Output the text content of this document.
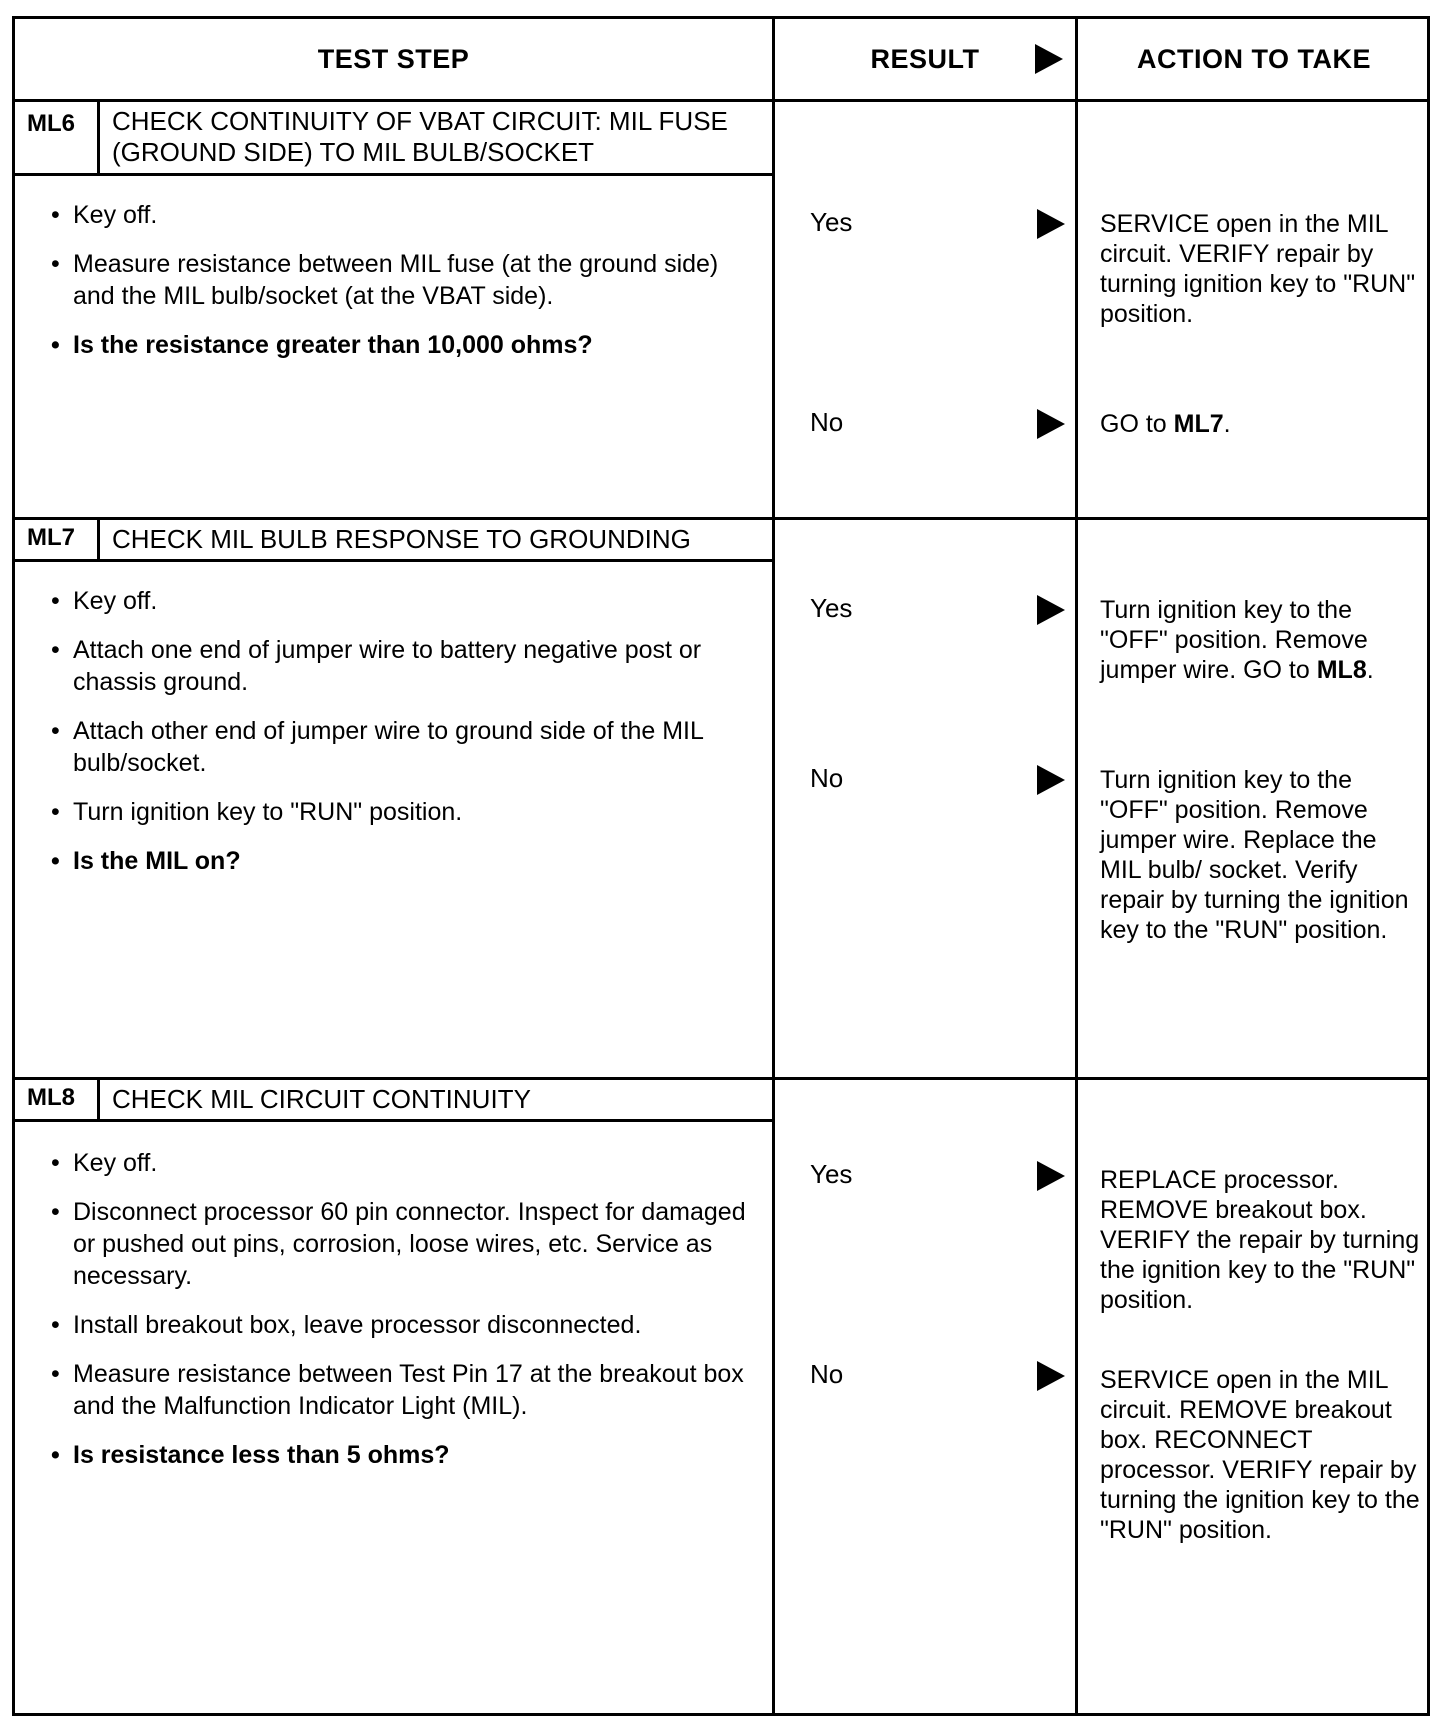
TEST STEP	RESULT	ACTION TO TAKE
ML6	CHECK CONTINUITY OF VBAT CIRCUIT: MIL FUSE (GROUND SIDE) TO MIL BULB/SOCKET
• Key off.
• Measure resistance between MIL fuse (at the ground side) and the MIL bulb/socket (at the VBAT side).
• Is the resistance greater than 10,000 ohms?
Yes	SERVICE open in the MIL circuit. VERIFY repair by turning ignition key to "RUN" position.
No	GO to ML7.
ML7	CHECK MIL BULB RESPONSE TO GROUNDING
• Key off.
• Attach one end of jumper wire to battery negative post or chassis ground.
• Attach other end of jumper wire to ground side of the MIL bulb/socket.
• Turn ignition key to "RUN" position.
• Is the MIL on?
Yes	Turn ignition key to the "OFF" position. Remove jumper wire. GO to ML8.
No	Turn ignition key to the "OFF" position. Remove jumper wire. Replace the MIL bulb/ socket. Verify repair by turning the ignition key to the "RUN" position.
ML8	CHECK MIL CIRCUIT CONTINUITY
• Key off.
• Disconnect processor 60 pin connector. Inspect for damaged or pushed out pins, corrosion, loose wires, etc. Service as necessary.
• Install breakout box, leave processor disconnected.
• Measure resistance between Test Pin 17 at the breakout box and the Malfunction Indicator Light (MIL).
• Is resistance less than 5 ohms?
Yes	REPLACE processor. REMOVE breakout box. VERIFY the repair by turning the ignition key to the "RUN" position.
No	SERVICE open in the MIL circuit. REMOVE breakout box. RECONNECT processor. VERIFY repair by turning the ignition key to the "RUN" position.
